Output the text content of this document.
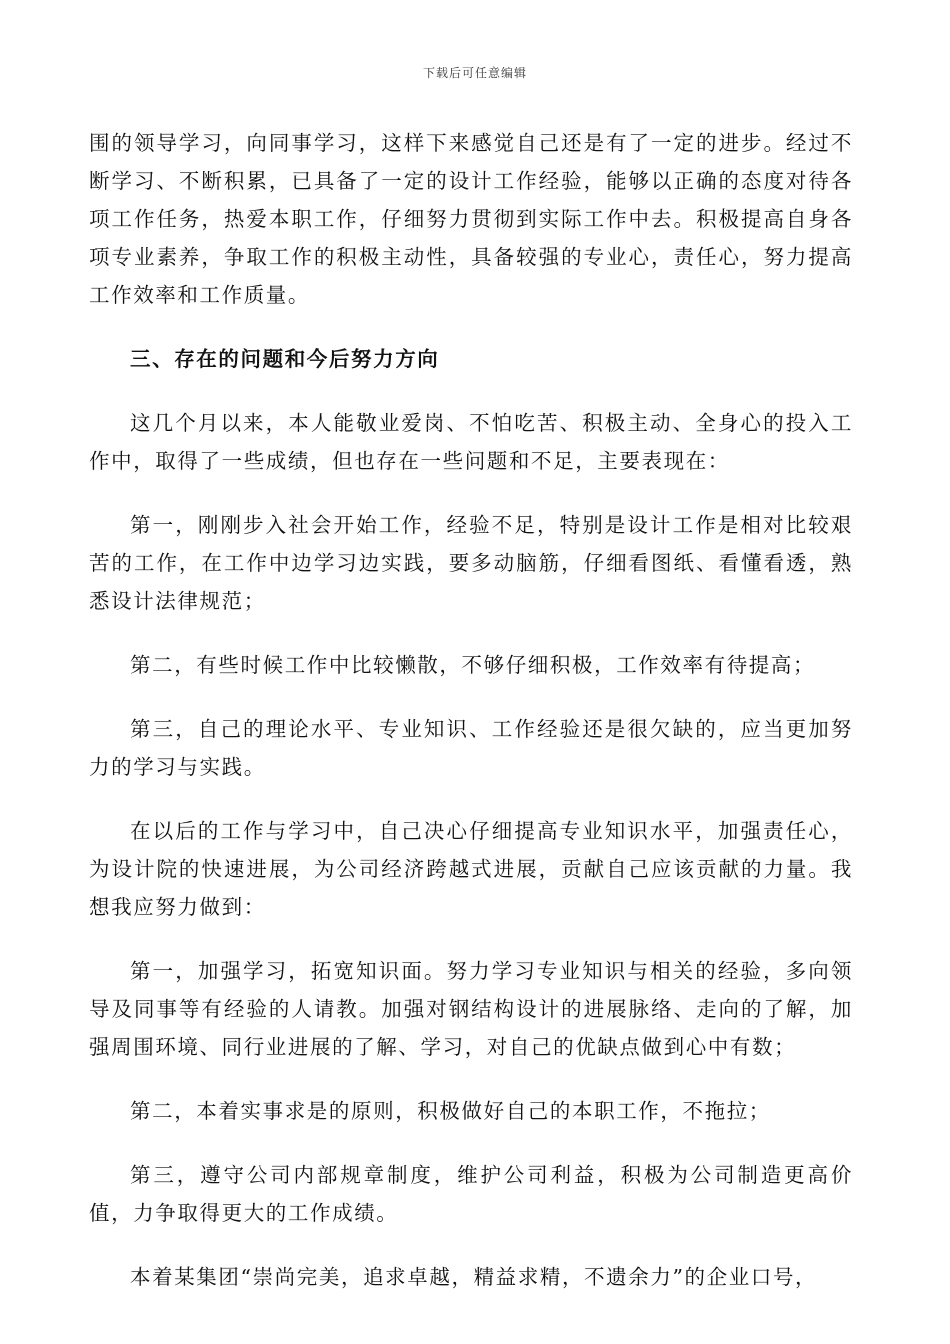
下载后可任意编辑

围的领导学习，向同事学习，这样下来感觉自己还是有了一定的进步。经过不断学习、不断积累，已具备了一定的设计工作经验，能够以正确的态度对待各项工作任务，热爱本职工作，仔细努力贯彻到实际工作中去。积极提高自身各项专业素养，争取工作的积极主动性，具备较强的专业心，责任心，努力提高工作效率和工作质量。

三、存在的问题和今后努力方向

这几个月以来，本人能敬业爱岗、不怕吃苦、积极主动、全身心的投入工作中，取得了一些成绩，但也存在一些问题和不足，主要表现在：

第一，刚刚步入社会开始工作，经验不足，特别是设计工作是相对比较艰苦的工作，在工作中边学习边实践，要多动脑筋，仔细看图纸、看懂看透，熟悉设计法律规范；

第二，有些时候工作中比较懒散，不够仔细积极，工作效率有待提高；

第三，自己的理论水平、专业知识、工作经验还是很欠缺的，应当更加努力的学习与实践。

在以后的工作与学习中，自己决心仔细提高专业知识水平，加强责任心，为设计院的快速进展，为公司经济跨越式进展，贡献自己应该贡献的力量。我想我应努力做到：

第一，加强学习，拓宽知识面。努力学习专业知识与相关的经验，多向领导及同事等有经验的人请教。加强对钢结构设计的进展脉络、走向的了解，加强周围环境、同行业进展的了解、学习，对自己的优缺点做到心中有数；

第二，本着实事求是的原则，积极做好自己的本职工作，不拖拉；

第三，遵守公司内部规章制度，维护公司利益，积极为公司制造更高价值，力争取得更大的工作成绩。

本着某集团“崇尚完美，追求卓越，精益求精，不遗余力”的企业口号，
